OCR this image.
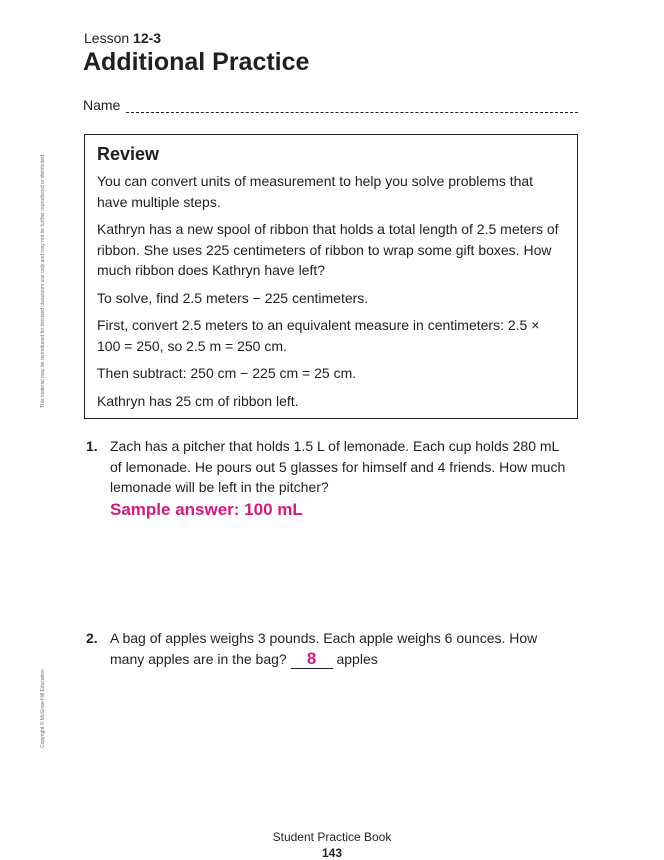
This material may be reproduced for licensed classroom use only and may not be further reproduced or distributed.
Copyright © McGraw-Hill Education
Lesson 12-3
Additional Practice
Name
Review

You can convert units of measurement to help you solve problems that have multiple steps.

Kathryn has a new spool of ribbon that holds a total length of 2.5 meters of ribbon. She uses 225 centimeters of ribbon to wrap some gift boxes. How much ribbon does Kathryn have left?

To solve, find 2.5 meters − 225 centimeters.

First, convert 2.5 meters to an equivalent measure in centimeters: 2.5 × 100 = 250, so 2.5 m = 250 cm.

Then subtract: 250 cm − 225 cm = 25 cm.

Kathryn has 25 cm of ribbon left.

1. Zach has a pitcher that holds 1.5 L of lemonade. Each cup holds 280 mL of lemonade. He pours out 5 glasses for himself and 4 friends. How much lemonade will be left in the pitcher?
Sample answer: 100 mL
2. A bag of apples weighs 3 pounds. Each apple weighs 6 ounces. How many apples are in the bag? 8 apples
Student Practice Book
143
